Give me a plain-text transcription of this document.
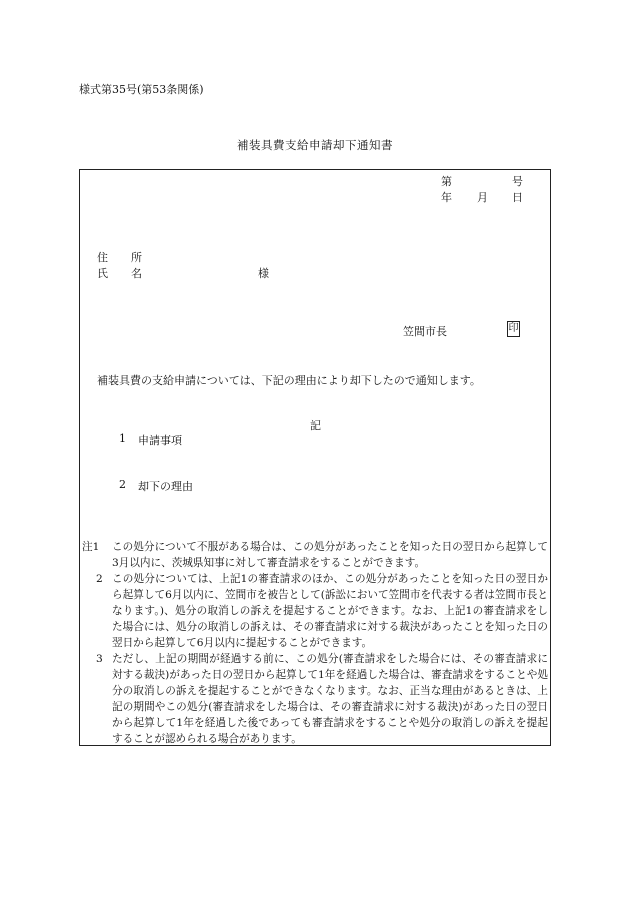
様式第35号(第53条関係)
補装具費支給申請却下通知書
第	号
年 月 日
住 所
氏 名	様
笠間市長	印
補装具費の支給申請については、下記の理由により却下したので通知します。
記
1 申請事項
2 却下の理由
注1	この処分について不服がある場合は、この処分があったことを知った日の翌日から起算して3月以内に、茨城県知事に対して審査請求をすることができます。
2 この処分については、上記1の審査請求のほか、この処分があったことを知った日の翌日から起算して6月以内に、笠間市を被告として(訴訟において笠間市を代表する者は笠間市長となります。)、処分の取消しの訴えを提起することができます。なお、上記1の審査請求をした場合には、処分の取消しの訴えは、その審査請求に対する裁決があったことを知った日の翌日から起算して6月以内に提起することができます。
3 ただし、上記の期間が経過する前に、この処分(審査請求をした場合には、その審査請求に対する裁決)があった日の翌日から起算して1年を経過した場合は、審査請求をすることや処分の取消しの訴えを提起することができなくなります。なお、正当な理由があるときは、上記の期間やこの処分(審査請求をした場合は、その審査請求に対する裁決)があった日の翌日から起算して1年を経過した後であっても審査請求をすることや処分の取消しの訴えを提起することが認められる場合があります。
